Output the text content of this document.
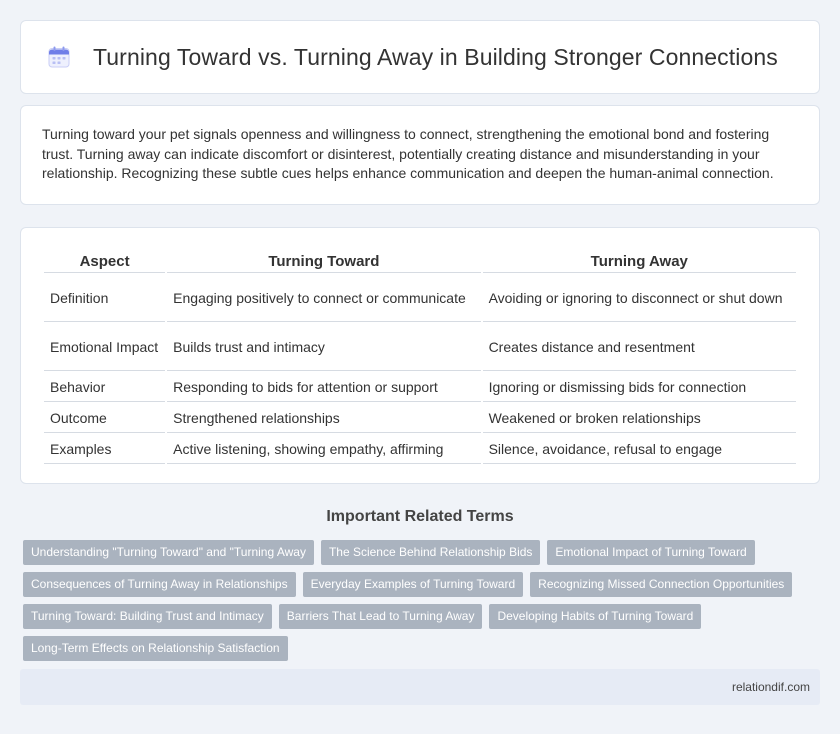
Turning Toward vs. Turning Away in Building Stronger Connections

Turning toward your pet signals openness and willingness to connect, strengthening the emotional bond and fostering trust. Turning away can indicate discomfort or disinterest, potentially creating distance and misunderstanding in your relationship. Recognizing these subtle cues helps enhance communication and deepen the human-animal connection.

Aspect	Turning Toward	Turning Away
Definition	Engaging positively to connect or communicate	Avoiding or ignoring to disconnect or shut down
Emotional Impact	Builds trust and intimacy	Creates distance and resentment
Behavior	Responding to bids for attention or support	Ignoring or dismissing bids for connection
Outcome	Strengthened relationships	Weakened or broken relationships
Examples	Active listening, showing empathy, affirming	Silence, avoidance, refusal to engage
Important Related Terms
Understanding "Turning Toward" and "Turning Away	The Science Behind Relationship Bids	Emotional Impact of Turning Toward
Consequences of Turning Away in Relationships	Everyday Examples of Turning Toward	Recognizing Missed Connection Opportunities
Turning Toward: Building Trust and Intimacy	Barriers That Lead to Turning Away	Developing Habits of Turning Toward
Long-Term Effects on Relationship Satisfaction
relationdif.com
